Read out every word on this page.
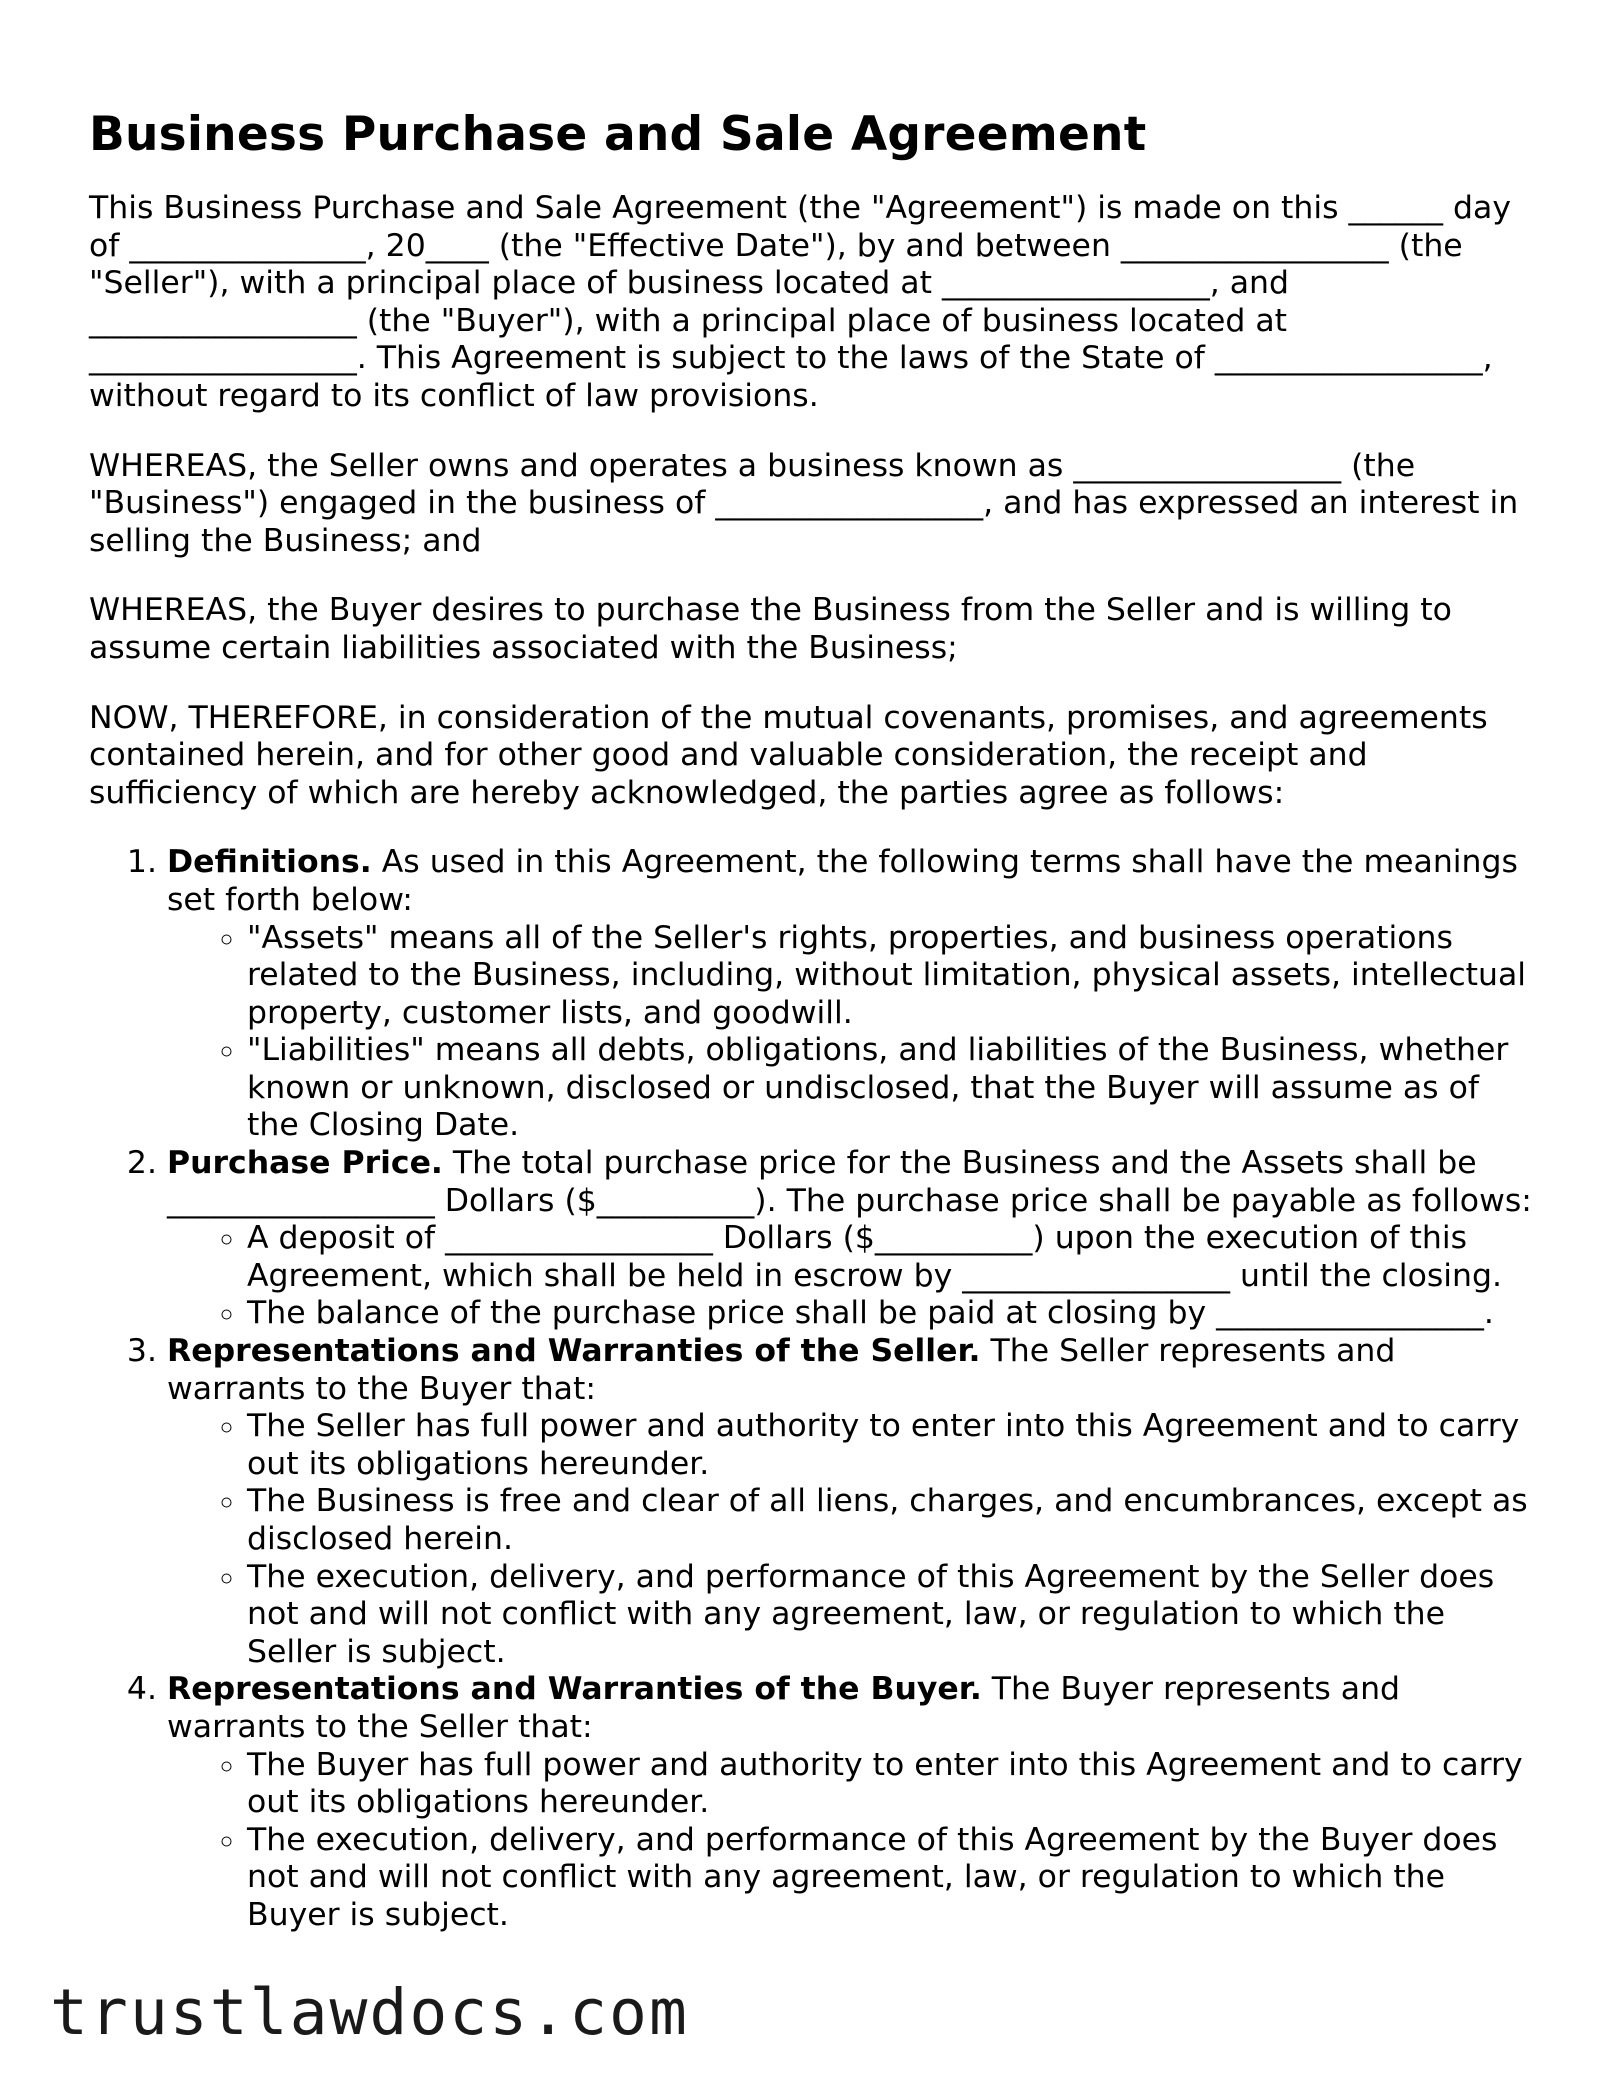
Business Purchase and Sale Agreement

This Business Purchase and Sale Agreement (the "Agreement") is made on this ______ day of _______________, 20____ (the "Effective Date"), by and between _________________ (the "Seller"), with a principal place of business located at _________________, and _________________ (the "Buyer"), with a principal place of business located at _________________. This Agreement is subject to the laws of the State of _________________, without regard to its conflict of law provisions.

WHEREAS, the Seller owns and operates a business known as _________________ (the "Business") engaged in the business of _________________, and has expressed an interest in selling the Business; and

WHEREAS, the Buyer desires to purchase the Business from the Seller and is willing to assume certain liabilities associated with the Business;

NOW, THEREFORE, in consideration of the mutual covenants, promises, and agreements contained herein, and for other good and valuable consideration, the receipt and sufficiency of which are hereby acknowledged, the parties agree as follows:

1. Definitions. As used in this Agreement, the following terms shall have the meanings set forth below:
◦ "Assets" means all of the Seller's rights, properties, and business operations related to the Business, including, without limitation, physical assets, intellectual property, customer lists, and goodwill.
◦ "Liabilities" means all debts, obligations, and liabilities of the Business, whether known or unknown, disclosed or undisclosed, that the Buyer will assume as of the Closing Date.
2. Purchase Price. The total purchase price for the Business and the Assets shall be _________________ Dollars ($__________). The purchase price shall be payable as follows:
◦ A deposit of _________________ Dollars ($__________) upon the execution of this Agreement, which shall be held in escrow by _________________ until the closing.
◦ The balance of the purchase price shall be paid at closing by _________________.
3. Representations and Warranties of the Seller. The Seller represents and warrants to the Buyer that:
◦ The Seller has full power and authority to enter into this Agreement and to carry out its obligations hereunder.
◦ The Business is free and clear of all liens, charges, and encumbrances, except as disclosed herein.
◦ The execution, delivery, and performance of this Agreement by the Seller does not and will not conflict with any agreement, law, or regulation to which the Seller is subject.
4. Representations and Warranties of the Buyer. The Buyer represents and warrants to the Seller that:
◦ The Buyer has full power and authority to enter into this Agreement and to carry out its obligations hereunder.
◦ The execution, delivery, and performance of this Agreement by the Buyer does not and will not conflict with any agreement, law, or regulation to which the Buyer is subject.
trustlawdocs.com
